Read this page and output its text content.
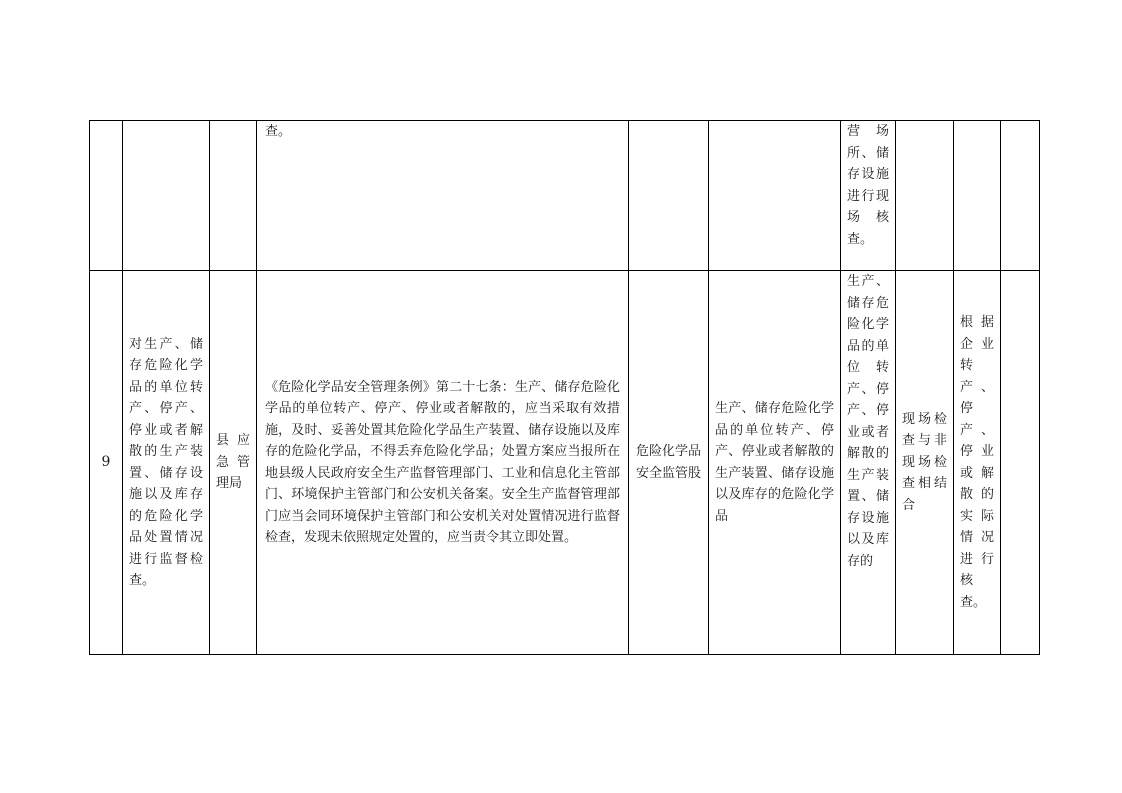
			查。			营场所、储存设施进行现场核查。			

9	对生产、储存危险化学品的单位转产、停产、停业或者解散的生产装置、储存设施以及库存的危险化学品处置情况进行监督检查。	县应急管理局	《危险化学品安全管理条例》第二十七条：生产、储存危险化学品的单位转产、停产、停业或者解散的，应当采取有效措施，及时、妥善处置其危险化学品生产装置、储存设施以及库存的危险化学品，不得丢弃危险化学品；处置方案应当报所在地县级人民政府安全生产监督管理部门、工业和信息化主管部门、环境保护主管部门和公安机关备案。安全生产监督管理部门应当会同环境保护主管部门和公安机关对处置情况进行监督检查，发现未依照规定处置的，应当责令其立即处置。	危险化学品安全监管股	生产、储存危险化学品的单位转产、停产、停业或者解散的生产装置、储存设施以及库存的危险化学品	生产、储存危险化学品的单位转产、停产、停业或者解散的生产装置、储存设施以及库存的	现场检查与非现场检查相结合	根据企业转产、停产、停业或解散的实际情况进行核查。	
